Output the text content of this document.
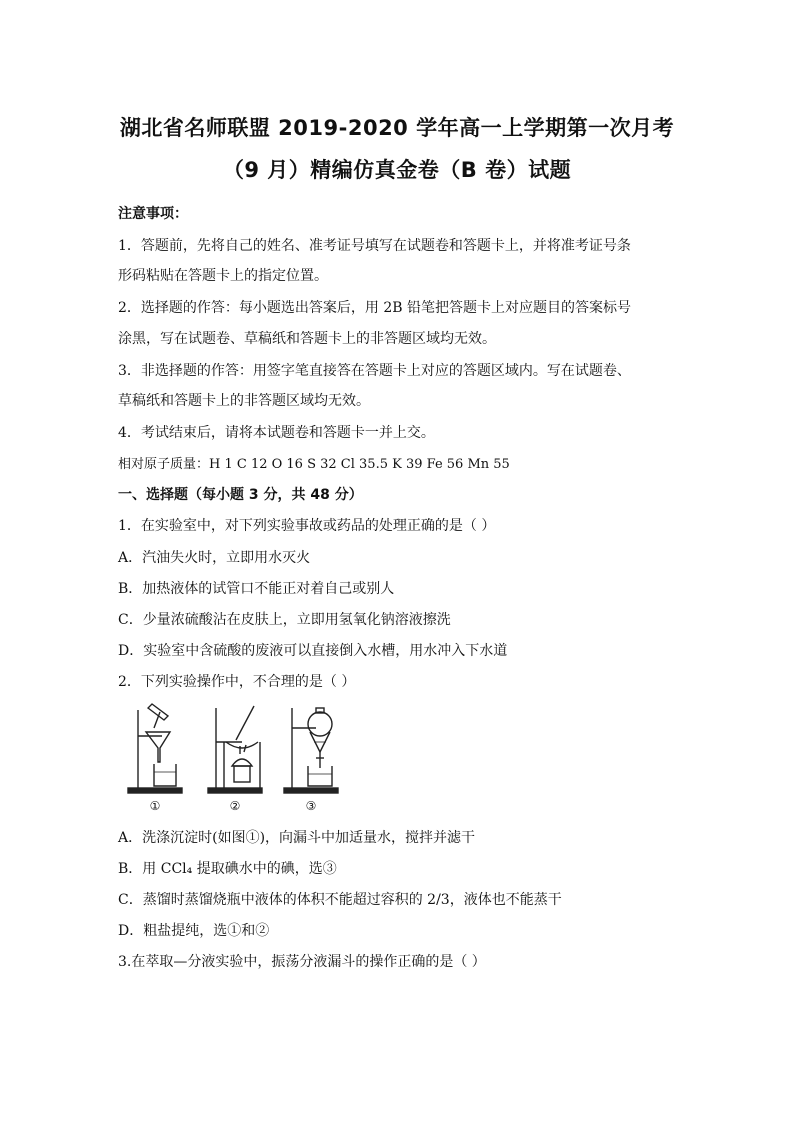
湖北省名师联盟 2019-2020 学年高一上学期第一次月考
（9 月）精编仿真金卷（B 卷）试题
注意事项：
1．答题前，先将自己的姓名、准考证号填写在试题卷和答题卡上，并将准考证号条
形码粘贴在答题卡上的指定位置。
2．选择题的作答：每小题选出答案后，用 2B 铅笔把答题卡上对应题目的答案标号
涂黑，写在试题卷、草稿纸和答题卡上的非答题区域均无效。
3．非选择题的作答：用签字笔直接答在答题卡上对应的答题区域内。写在试题卷、
草稿纸和答题卡上的非答题区域均无效。
4．考试结束后，请将本试题卷和答题卡一并上交。
相对原子质量：H 1 C 12 O 16 S 32 Cl 35.5 K 39 Fe 56 Mn 55
一、选择题（每小题 3 分，共 48 分）
1．在实验室中，对下列实验事故或药品的处理正确的是（ ）
A．汽油失火时，立即用水灭火
B．加热液体的试管口不能正对着自己或别人
C．少量浓硫酸沾在皮肤上，立即用氢氧化钠溶液擦洗
D．实验室中含硫酸的废液可以直接倒入水槽，用水冲入下水道
2．下列实验操作中，不合理的是（ ）
①	②	③
A．洗涤沉淀时(如图①)，向漏斗中加适量水，搅拌并滤干
B．用 CCl₄ 提取碘水中的碘，选③
C．蒸馏时蒸馏烧瓶中液体的体积不能超过容积的 2/3，液体也不能蒸干
D．粗盐提纯，选①和②
3.在萃取—分液实验中，振荡分液漏斗的操作正确的是（ ）
